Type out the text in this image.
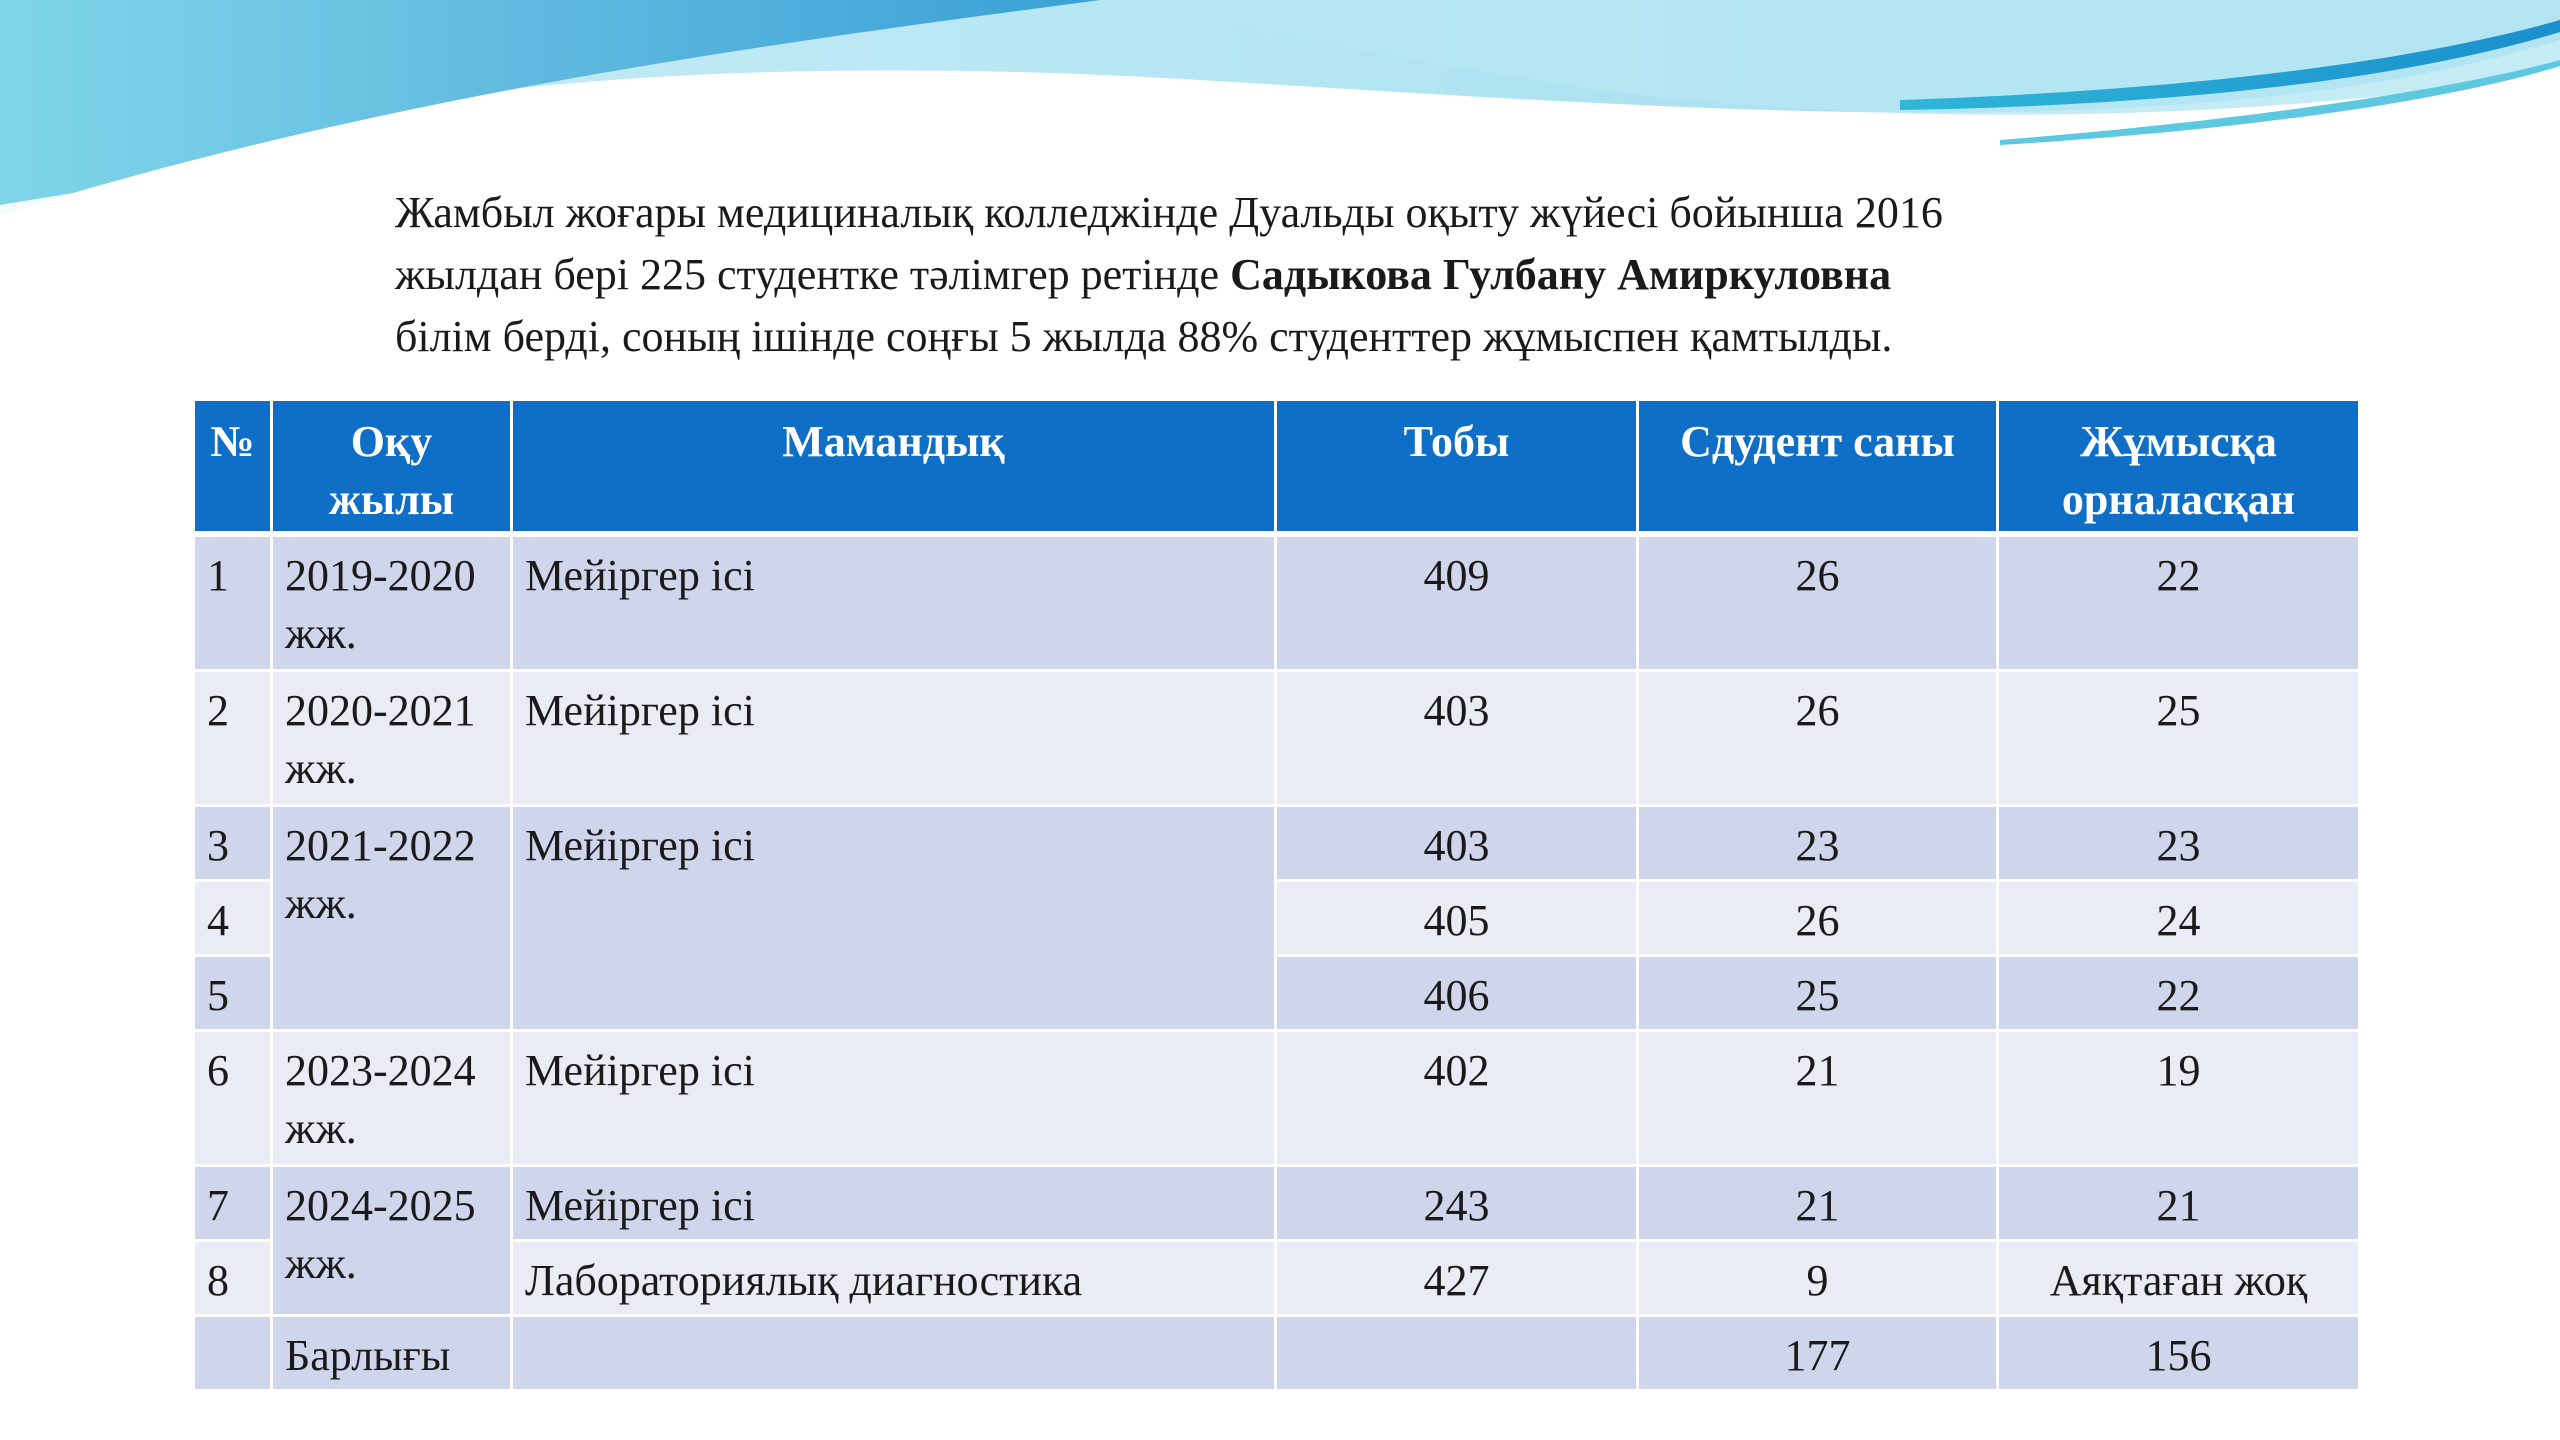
Жамбыл жоғары медициналық колледжінде Дуальды оқыту жүйесі бойынша 2016
жылдан бері 225 студентке тәлімгер ретінде Садыкова Гулбану Амиркуловна
білім берді, соның ішінде соңғы 5 жылда 88% студенттер жұмыспен қамтылды.
№	Оқу жылы	Мамандық	Тобы	Сдудент саны	Жұмысқа орналасқан
1	2019-2020 жж.	Мейіргер ісі	409	26	22
2	2020-2021 жж.	Мейіргер ісі	403	26	25
3	2021-2022 жж.	Мейіргер ісі	403	23	23
4			405	26	24
5			406	25	22
6	2023-2024 жж.	Мейіргер ісі	402	21	19
7	2024-2025 жж.	Мейіргер ісі	243	21	21
8		Лабораториялық диагностика	427	9	Аяқтаған жоқ
	Барлығы			177	156
